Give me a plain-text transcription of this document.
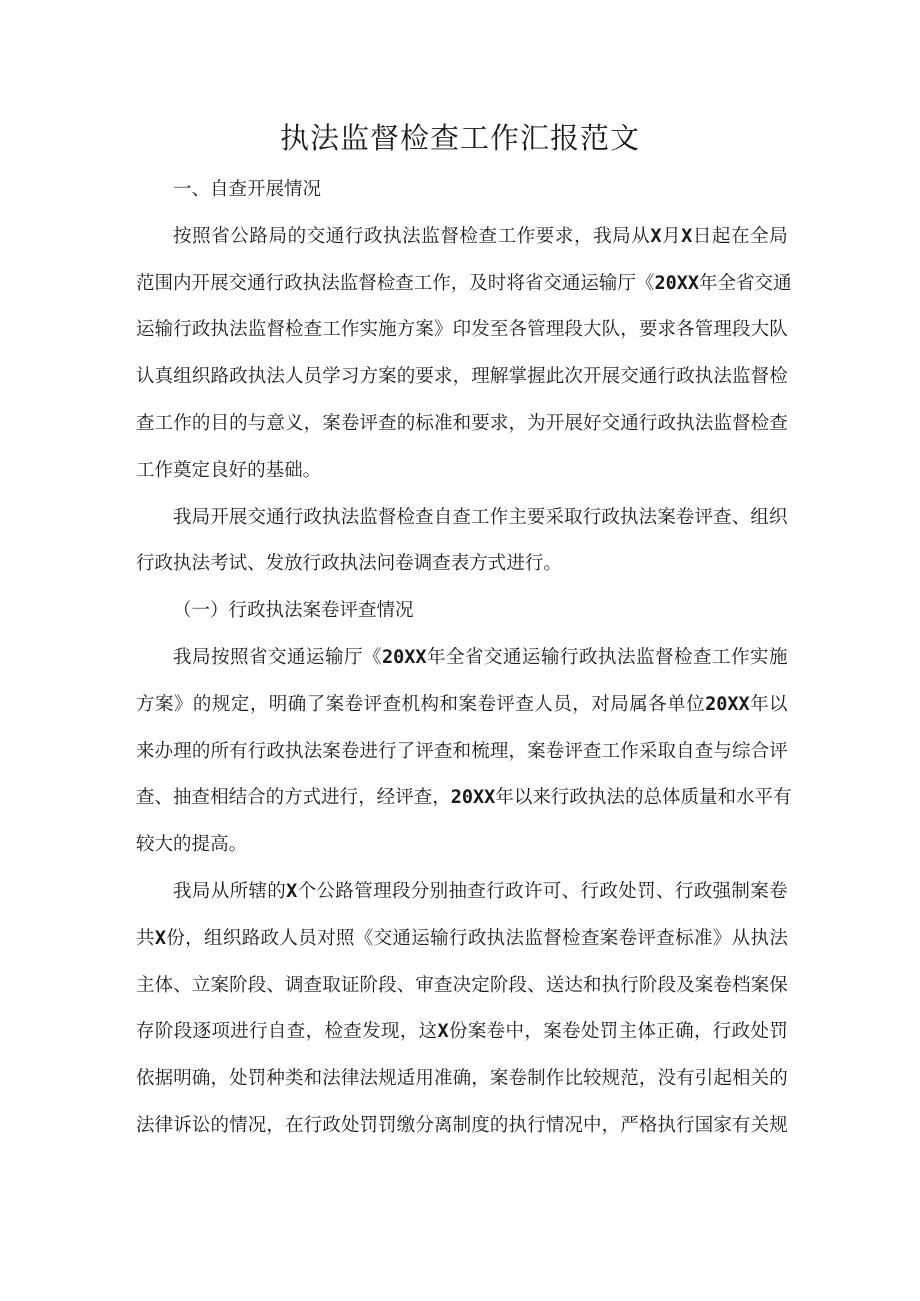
执法监督检查工作汇报范文
一、自查开展情况
按 照 省 公 路 局 的 交 通 行 政 执 法 监 督 检 查 工 作 要 求 ， 我 局 从 X 月 X 日 起 在 全 局
范 围 内 开 展 交 通 行 政 执 法 监 督 检 查 工 作 ， 及 时 将 省 交 通 运 输 厅 《 20XX 年 全 省 交 通
运 输 行 政 执 法 监 督 检 查 工 作 实 施 方 案 》 印 发 至 各 管 理 段 大 队 ， 要 求 各 管 理 段 大 队
认 真 组 织 路 政 执 法 人 员 学 习 方 案 的 要 求 ， 理 解 掌 握 此 次 开 展 交 通 行 政 执 法 监 督 检
查 工 作 的 目 的 与 意 义 ， 案 卷 评 查 的 标 准 和 要 求 ， 为 开 展 好 交 通 行 政 执 法 监 督 检 查
工作奠定良好的基础。
我 局 开 展 交 通 行 政 执 法 监 督 检 查 自 查 工 作 主 要 采 取 行 政 执 法 案 卷 评 查 、 组 织
行政执法考试、发放行政执法问卷调查表方式进行。
（一）行政执法案卷评查情况
我 局 按 照 省 交 通 运 输 厅 《 20XX 年 全 省 交 通 运 输 行 政 执 法 监 督 检 查 工 作 实 施
方 案 》 的 规 定 ， 明 确 了 案 卷 评 查 机 构 和 案 卷 评 查 人 员 ， 对 局 属 各 单 位 20XX 年 以
来 办 理 的 所 有 行 政 执 法 案 卷 进 行 了 评 查 和 梳 理 ， 案 卷 评 查 工 作 采 取 自 查 与 综 合 评
查 、 抽 查 相 结 合 的 方 式 进 行 ， 经 评 查 ， 20XX 年 以 来 行 政 执 法 的 总 体 质 量 和 水 平 有
较大的提高。
我 局 从 所 辖 的 X 个 公 路 管 理 段 分 别 抽 查 行 政 许 可 、 行 政 处 罚 、 行 政 强 制 案 卷
共 X 份 ， 组 织 路 政 人 员 对 照 《 交 通 运 输 行 政 执 法 监 督 检 查 案 卷 评 查 标 准 》 从 执 法
主 体 、 立 案 阶 段 、 调 查 取 证 阶 段 、 审 查 决 定 阶 段 、 送 达 和 执 行 阶 段 及 案 卷 档 案 保
存 阶 段 逐 项 进 行 自 查 ， 检 查 发 现 ， 这 X 份 案 卷 中 ， 案 卷 处 罚 主 体 正 确 ， 行 政 处 罚
依 据 明 确 ， 处 罚 种 类 和 法 律 法 规 适 用 准 确 ， 案 卷 制 作 比 较 规 范 ， 没 有 引 起 相 关 的
法 律 诉 讼 的 情 况 ， 在 行 政 处 罚 罚 缴 分 离 制 度 的 执 行 情 况 中 ， 严 格 执 行 国 家 有 关 规
